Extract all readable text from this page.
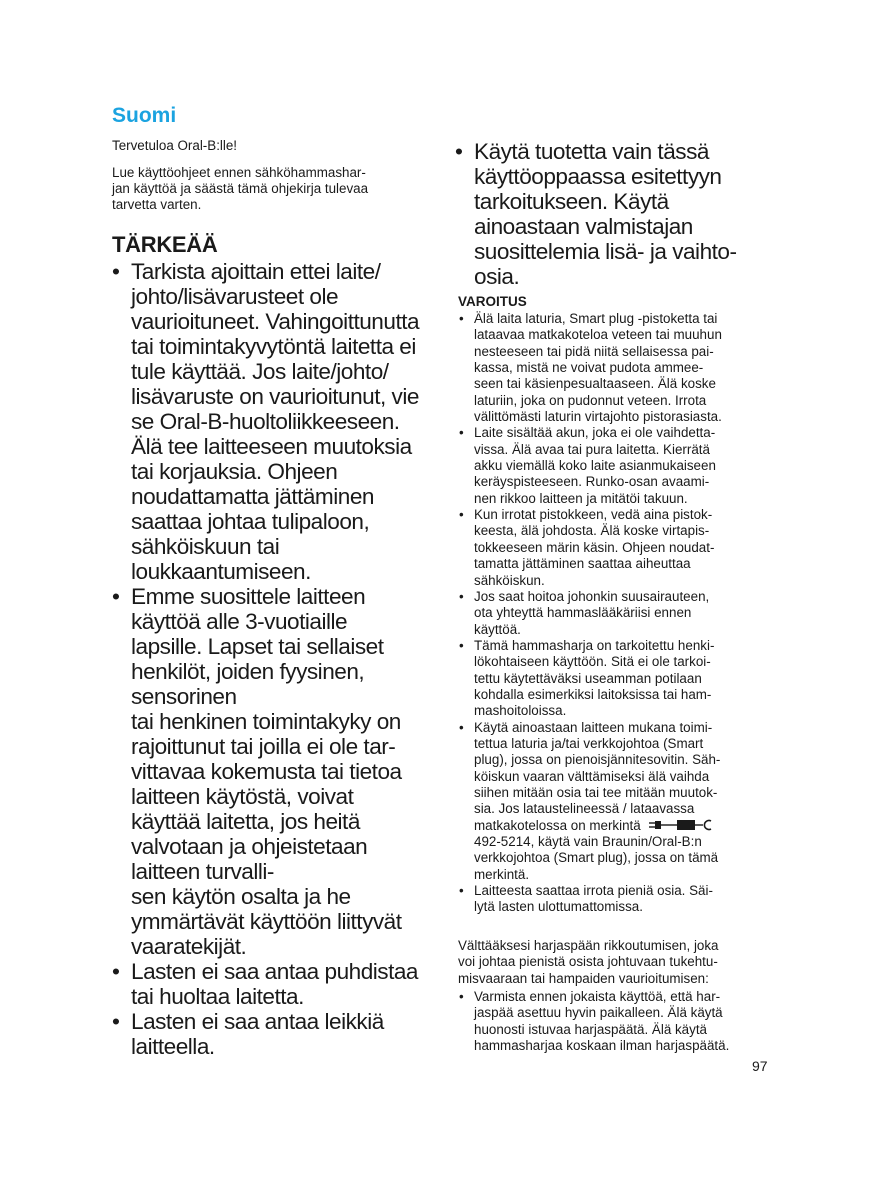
Suomi

Tervetuloa Oral-B:lle!

Lue käyttöohjeet ennen sähköhammashar-
jan käyttöä ja säästä tämä ohjekirja tulevaa
tarvetta varten.

TÄRKEÄÄ
• Tarkista ajoittain ettei laite/
johto/lisävarusteet ole
vaurioituneet. Vahingoittunutta
tai toimintakyvytöntä laitetta ei
tule käyttää. Jos laite/johto/
lisävaruste on vaurioitunut, vie
se Oral-B-huoltoliikkeeseen.
Älä tee laitteeseen muutoksia
tai korjauksia. Ohjeen
noudattamatta jättäminen
saattaa johtaa tulipaloon,
sähköiskuun tai
loukkaantumiseen.
• Emme suosittele laitteen
käyttöä alle 3-vuotiaille
lapsille. Lapset tai sellaiset
henkilöt, joiden fyysinen,
sensorinen
tai henkinen toimintakyky on
rajoittunut tai joilla ei ole tar-
vittavaa kokemusta tai tietoa
laitteen käytöstä, voivat
käyttää laitetta, jos heitä
valvotaan ja ohjeistetaan
laitteen turvalli-
sen käytön osalta ja he
ymmärtävät käyttöön liittyvät
vaaratekijät.
• Lasten ei saa antaa puhdistaa
tai huoltaa laitetta.
• Lasten ei saa antaa leikkiä
laitteella.
• Käytä tuotetta vain tässä
käyttöoppaassa esitettyyn
tarkoitukseen. Käytä
ainoastaan valmistajan
suosittelemia lisä- ja vaihto-
osia.
VAROITUS
• Älä laita laturia, Smart plug -pistoketta tai
lataavaa matkakoteloa veteen tai muuhun
nesteeseen tai pidä niitä sellaisessa pai-
kassa, mistä ne voivat pudota ammee-
seen tai käsienpesualtaaseen. Älä koske
laturiin, joka on pudonnut veteen. Irrota
välittömästi laturin virtajohto pistorasiasta.
• Laite sisältää akun, joka ei ole vaihdetta-
vissa. Älä avaa tai pura laitetta. Kierrätä
akku viemällä koko laite asianmukaiseen
keräyspisteeseen. Runko-osan avaami-
nen rikkoo laitteen ja mitätöi takuun.
• Kun irrotat pistokkeen, vedä aina pistok-
keesta, älä johdosta. Älä koske virtapis-
tokkeeseen märin käsin. Ohjeen noudat-
tamatta jättäminen saattaa aiheuttaa
sähköiskun.
• Jos saat hoitoa johonkin suusairauteen,
ota yhteyttä hammaslääkäriisi ennen
käyttöä.
• Tämä hammasharja on tarkoitettu henki-
lökohtaiseen käyttöön. Sitä ei ole tarkoi-
tettu käytettäväksi useamman potilaan
kohdalla esimerkiksi laitoksissa tai ham-
mashoitoloissa.
• Käytä ainoastaan laitteen mukana toimi-
tettua laturia ja/tai verkkojohtoa (Smart
plug), jossa on pienoisjännitesovitin. Säh-
köiskun vaaran välttämiseksi älä vaihda
siihen mitään osia tai tee mitään muutok-
sia. Jos lataustelineessä / lataavassa
matkakotelossa on merkintä
492-5214, käytä vain Braunin/Oral-B:n
verkkojohtoa (Smart plug), jossa on tämä
merkintä.
• Laitteesta saattaa irrota pieniä osia. Säi-
lytä lasten ulottumattomissa.

Välttääksesi harjaspään rikkoutumisen, joka
voi johtaa pienistä osista johtuvaan tukehtu-
misvaaraan tai hampaiden vaurioitumisen:

• Varmista ennen jokaista käyttöä, että har-
jaspää asettuu hyvin paikalleen. Älä käytä
huonosti istuvaa harjaspäätä. Älä käytä
hammasharjaa koskaan ilman harjaspäätä.

97
